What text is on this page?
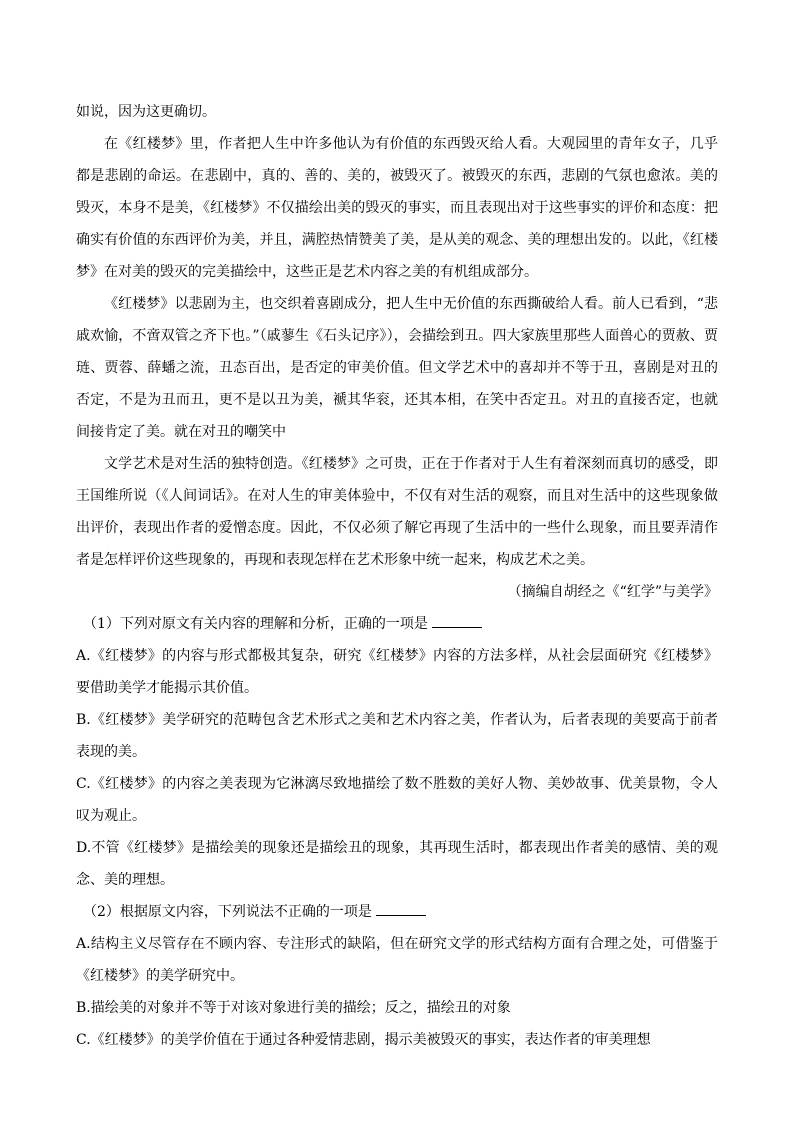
如说，因为这更确切。

在《红楼梦》里，作者把人生中许多他认为有价值的东西毁灭给人看。大观园里的青年女子，几乎都是悲剧的命运。在悲剧中，真的、善的、美的，被毁灭了。被毁灭的东西，悲剧的气氛也愈浓。美的毁灭，本身不是美，《红楼梦》不仅描绘出美的毁灭的事实，而且表现出对于这些事实的评价和态度：把确实有价值的东西评价为美，并且，满腔热情赞美了美，是从美的观念、美的理想出发的。以此，《红楼梦》在对美的毁灭的完美描绘中，这些正是艺术内容之美的有机组成部分。

《红楼梦》以悲剧为主，也交织着喜剧成分，把人生中无价值的东西撕破给人看。前人已看到，“悲戚欢愉，不啻双管之齐下也。”（戚蓼生《石头记序》），会描绘到丑。四大家族里那些人面兽心的贾赦、贾琏、贾蓉、薛蟠之流，丑态百出，是否定的审美价值。但文学艺术中的喜却并不等于丑，喜剧是对丑的否定，不是为丑而丑，更不是以丑为美，褫其华衮，还其本相，在笑中否定丑。对丑的直接否定，也就间接肯定了美。就在对丑的嘲笑中

文学艺术是对生活的独特创造。《红楼梦》之可贵，正在于作者对于人生有着深刻而真切的感受，即王国维所说（《人间词话》。在对人生的审美体验中，不仅有对生活的观察，而且对生活中的这些现象做出评价，表现出作者的爱憎态度。因此，不仅必须了解它再现了生活中的一些什么现象，而且要弄清作者是怎样评价这些现象的，再现和表现怎样在艺术形象中统一起来，构成艺术之美。

（摘编自胡经之《“红学”与美学》

（1）下列对原文有关内容的理解和分析，正确的一项是

A.《红楼梦》的内容与形式都极其复杂，研究《红楼梦》内容的方法多样，从社会层面研究《红楼梦》要借助美学才能揭示其价值。

B.《红楼梦》美学研究的范畴包含艺术形式之美和艺术内容之美，作者认为，后者表现的美要高于前者表现的美。

C.《红楼梦》的内容之美表现为它淋漓尽致地描绘了数不胜数的美好人物、美妙故事、优美景物，令人叹为观止。

D.不管《红楼梦》是描绘美的现象还是描绘丑的现象，其再现生活时，都表现出作者美的感情、美的观念、美的理想。

（2）根据原文内容，下列说法不正确的一项是

A.结构主义尽管存在不顾内容、专注形式的缺陷，但在研究文学的形式结构方面有合理之处，可借鉴于《红楼梦》的美学研究中。

B.描绘美的对象并不等于对该对象进行美的描绘；反之，描绘丑的对象

C.《红楼梦》的美学价值在于通过各种爱情悲剧，揭示美被毁灭的事实，表达作者的审美理想
